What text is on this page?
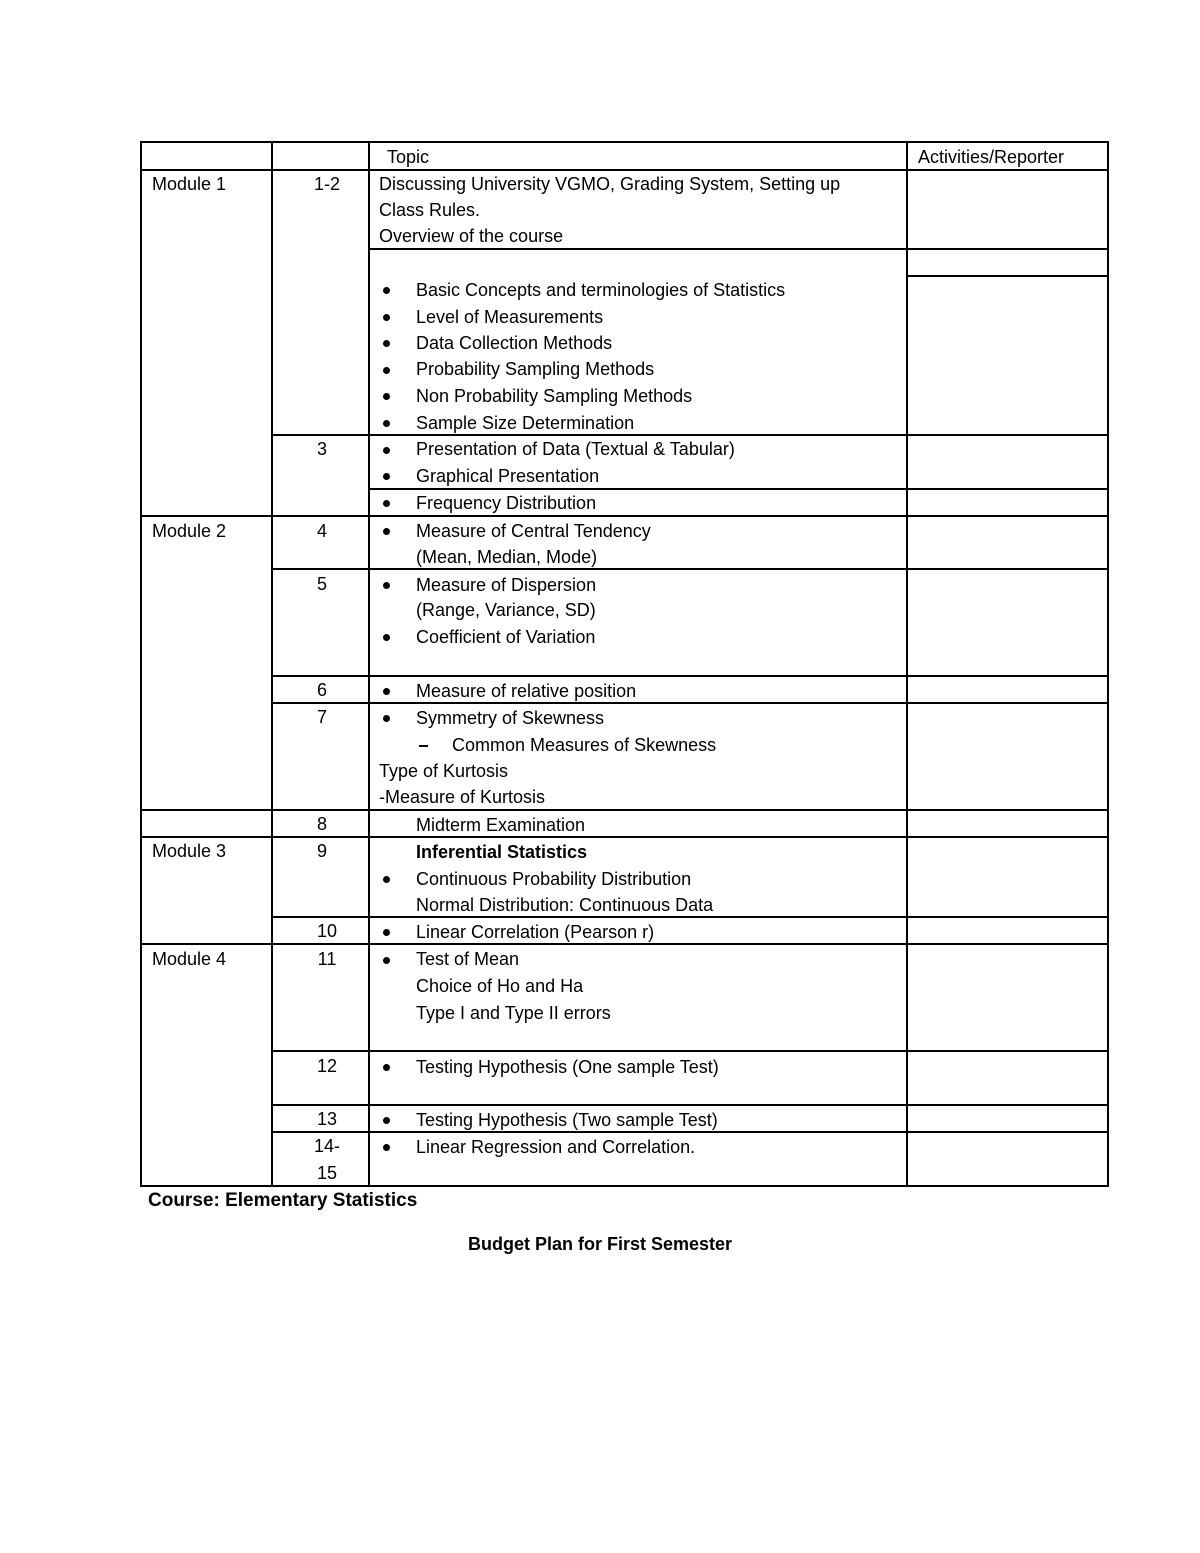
Topic	Activities/Reporter
Module 1
Module 2
Module 3
Module 4
1-2
3
4
5
6
7
8
9
10
11
12
13
14-
15
Discussing University VGMO, Grading System, Setting up
Class Rules.
Overview of the course
Basic Concepts and terminologies of Statistics
Level of Measurements
Data Collection Methods
Probability Sampling Methods
Non Probability Sampling Methods
Sample Size Determination
Presentation of Data (Textual & Tabular)
Graphical Presentation
Frequency Distribution
Measure of Central Tendency
(Mean, Median, Mode)
Measure of Dispersion
(Range, Variance, SD)
Coefficient of Variation
Measure of relative position
Symmetry of Skewness
Common Measures of Skewness
Type of Kurtosis
-Measure of Kurtosis
Midterm Examination
Inferential Statistics
Continuous Probability Distribution
Normal Distribution: Continuous Data
Linear Correlation (Pearson r)
Test of Mean
Choice of Ho and Ha
Type I and Type II errors
Testing Hypothesis (One sample Test)
Testing Hypothesis (Two sample Test)
Linear Regression and Correlation.
Course: Elementary Statistics
Budget Plan for First Semester
